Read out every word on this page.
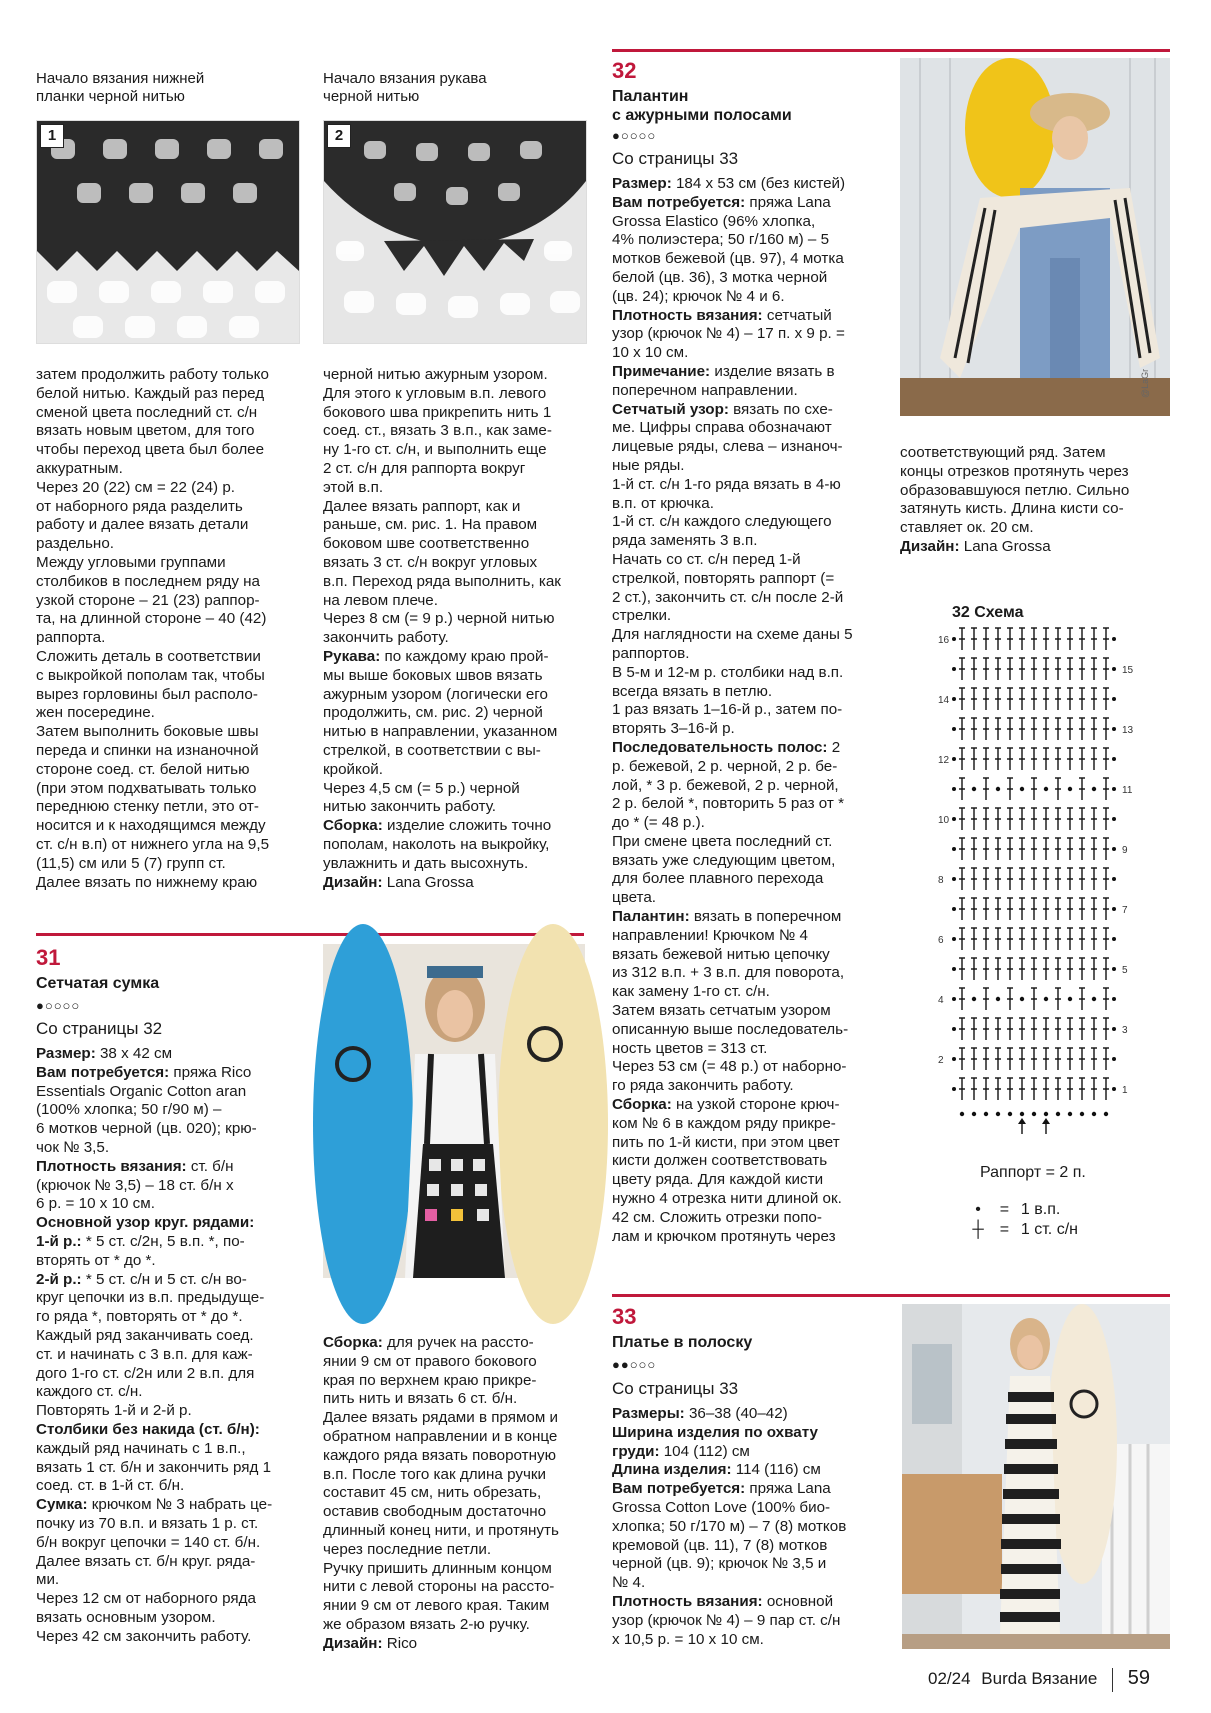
Начало вязания нижней
планки черной нитью
1
Начало вязания рукава
черной нитью
2

затем продолжить работу только

белой нитью. Каждый раз перед

сменой цвета последний ст. с/н

вязать новым цветом, для того

чтобы переход цвета был более

аккуратным.

Через 20 (22) см = 22 (24) р.

от наборного ряда разделить

работу и далее вязать детали

раздельно.

Между угловыми группами

столбиков в последнем ряду на

узкой стороне – 21 (23) раппор-

та, на длинной стороне – 40 (42)

раппорта.

Сложить деталь в соответствии

с выкройкой пополам так, чтобы

вырез горловины был располо-

жен посередине.

Затем выполнить боковые швы

переда и спинки на изнаночной

стороне соед. ст. белой нитью

(при этом подхватывать только

переднюю стенку петли, это от-

носится и к находящимся между

ст. с/н в.п) от нижнего угла на 9,5

(11,5) см или 5 (7) групп ст.

Далее вязать по нижнему краю

черной нитью ажурным узором.

Для этого к угловым в.п. левого

бокового шва прикрепить нить 1

соед. ст., вязать 3 в.п., как заме-

ну 1-го ст. с/н, и выполнить еще

2 ст. с/н для раппорта вокруг

этой в.п.

Далее вязать раппорт, как и

раньше, см. рис. 1. На правом

боковом шве соответственно

вязать 3 ст. с/н вокруг угловых

в.п. Переход ряда выполнить, как

на левом плече.

Через 8 см (= 9 р.) черной нитью

закончить работу.

Рукава: по каждому краю прой-

мы выше боковых швов вязать

ажурным узором (логически его

продолжить, см. рис. 2) черной

нитью в направлении, указанном

стрелкой, в соответствии с вы-

кройкой.

Через 4,5 см (= 5 р.) черной

нитью закончить работу.

Сборка: изделие сложить точно

пополам, наколоть на выкройку,

увлажнить и дать высохнуть.

Дизайн: Lana Grossa

32
Палантин
с ажурными полосами
●○○○○
Со страницы 33

Размер: 184 x 53 см (без кистей)

Вам потребуется: пряжа Lana

Grossa Elastico (96% хлопка,

4% полиэстера; 50 г/160 м) – 5

мотков бежевой (цв. 97), 4 мотка

белой (цв. 36), 3 мотка черной

(цв. 24); крючок № 4 и 6.

Плотность вязания: сетчатый

узор (крючок № 4) – 17 п. х 9 р. =

10 х 10 см.

Примечание: изделие вязать в

поперечном направлении.

Сетчатый узор: вязать по схе-

ме. Цифры справа обозначают

лицевые ряды, слева – изнаноч-

ные ряды.

1-й ст. с/н 1-го ряда вязать в 4-ю

в.п. от крючка.

1-й ст. с/н каждого следующего

ряда заменять 3 в.п.

Начать со ст. с/н перед 1-й

стрелкой, повторять раппорт (=

2 ст.), закончить ст. с/н после 2-й

стрелки.

Для наглядности на схеме даны 5

раппортов.

В 5-м и 12-м р. столбики над в.п.

всегда вязать в петлю.

1 раз вязать 1–16-й р., затем по-

вторять 3–16-й р.

Последовательность полос: 2

р. бежевой, 2 р. черной, 2 р. бе-

лой, * 3 р. бежевой, 2 р. черной,

2 р. белой *, повторить 5 раз от *

до * (= 48 р.).

При смене цвета последний ст.

вязать уже следующим цветом,

для более плавного перехода

цвета.

Палантин: вязать в поперечном

направлении! Крючком № 4

вязать бежевой нитью цепочку

из 312 в.п. + 3 в.п. для поворота,

как замену 1-го ст. с/н.

Затем вязать сетчатым узором

описанную выше последователь-

ность цветов = 313 ст.

Через 53 см (= 48 р.) от наборно-

го ряда закончить работу.

Сборка: на узкой стороне крюч-

ком № 6 в каждом ряду прикре-

пить по 1-й кисти, при этом цвет

кисти должен соответствовать

цвету ряда. Для каждой кисти

нужно 4 отрезка нити длиной ок.

42 см. Сложить отрезки попо-

лам и крючком протянуть через

@LaGr

соответствующий ряд. Затем

концы отрезков протянуть через

образовавшуюся петлю. Сильно

затянуть кисть. Длина кисти со-

ставляет ок. 20 см.

Дизайн: Lana Grossa

32 Схема
16
14
12
10
8
6
4
2
15
13
11
9
7
5
3
1
Раппорт = 2 п.
• = 1 в.п.
┼ = 1 ст. с/н
31
Сетчатая сумка
●○○○○
Со страницы 32

Размер: 38 x 42 см

Вам потребуется: пряжа Rico

Essentials Organic Cotton aran

(100% хлопка; 50 г/90 м) –

6 мотков черной (цв. 020); крю-

чок № 3,5.

Плотность вязания: ст. б/н

(крючок № 3,5) – 18 ст. б/н х

6 р. = 10 х 10 см.

Основной узор круг. рядами:

1-й р.: * 5 ст. с/2н, 5 в.п. *, по-

вторять от * до *.

2-й р.: * 5 ст. с/н и 5 ст. с/н во-

круг цепочки из в.п. предыдуще-

го ряда *, повторять от * до *.

Каждый ряд заканчивать соед.

ст. и начинать с 3 в.п. для каж-

дого 1-го ст. с/2н или 2 в.п. для

каждого ст. с/н.

Повторять 1-й и 2-й р.

Столбики без накида (ст. б/н):

каждый ряд начинать с 1 в.п.,

вязать 1 ст. б/н и закончить ряд 1

соед. ст. в 1-й ст. б/н.

Сумка: крючком № 3 набрать це-

почку из 70 в.п. и вязать 1 р. ст.

б/н вокруг цепочки = 140 ст. б/н.

Далее вязать ст. б/н круг. ряда-

ми.

Через 12 см от наборного ряда

вязать основным узором.

Через 42 см закончить работу.

Сборка: для ручек на рассто-

янии 9 см от правого бокового

края по верхнем краю прикре-

пить нить и вязать 6 ст. б/н.

Далее вязать рядами в прямом и

обратном направлении и в конце

каждого ряда вязать поворотную

в.п. После того как длина ручки

составит 45 см, нить обрезать,

оставив свободным достаточно

длинный конец нити, и протянуть

через последние петли.

Ручку пришить длинным концом

нити с левой стороны на рассто-

янии 9 см от левого края. Таким

же образом вязать 2-ю ручку.

Дизайн: Rico

33
Платье в полоску
●●○○○
Со страницы 33

Размеры: 36–38 (40–42)

Ширина изделия по охвату

груди: 104 (112) см

Длина изделия: 114 (116) см

Вам потребуется: пряжа Lana

Grossa Cotton Love (100% био-

хлопка; 50 г/170 м) – 7 (8) мотков

кремовой (цв. 11), 7 (8) мотков

черной (цв. 9); крючок № 3,5 и

№ 4.

Плотность вязания: основной

узор (крючок № 4) – 9 пар ст. с/н

х 10,5 р. = 10 х 10 см.

02/24 Burda Вязание 59
